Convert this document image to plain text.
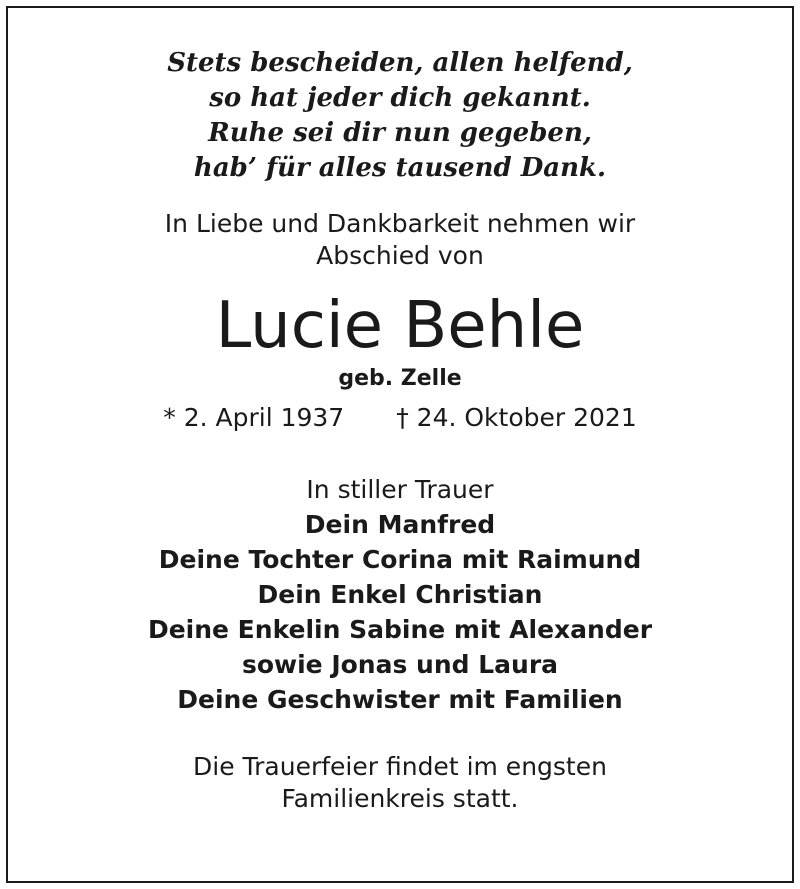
Stets bescheiden, allen helfend,
so hat jeder dich gekannt.
Ruhe sei dir nun gegeben,
hab’ für alles tausend Dank.
In Liebe und Dankbarkeit nehmen wir
Abschied von
Lucie Behle
geb. Zelle
* 2. April 1937 † 24. Oktober 2021
In stiller Trauer
Dein Manfred
Deine Tochter Corina mit Raimund
Dein Enkel Christian
Deine Enkelin Sabine mit Alexander
sowie Jonas und Laura
Deine Geschwister mit Familien
Die Trauerfeier findet im engsten
Familienkreis statt.
